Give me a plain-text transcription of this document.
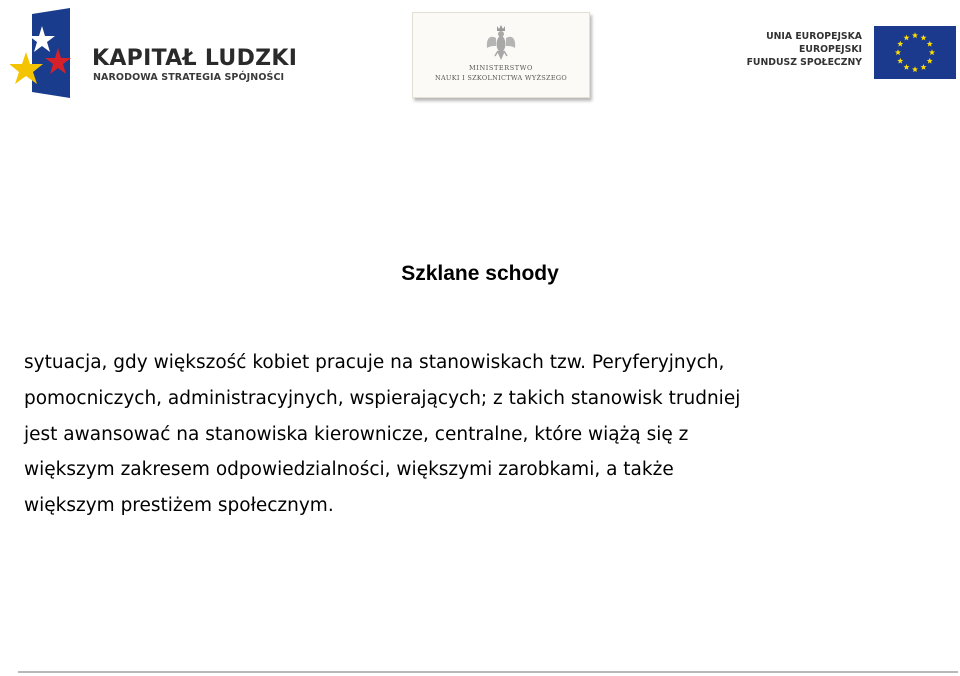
KAPITAŁ LUDZKI
NARODOWA STRATEGIA SPÓJNOŚCI
MINISTERSTWO
NAUKI I SZKOLNICTWA WYŻSZEGO
UNIA EUROPEJSKA
EUROPEJSKI
FUNDUSZ SPOŁECZNY
Szklane schody

sytuacja, gdy większość kobiet pracuje na stanowiskach tzw. Peryferyjnych,
pomocniczych, administracyjnych, wspierających; z takich stanowisk trudniej
jest awansować na stanowiska kierownicze, centralne, które wiążą się z
większym zakresem odpowiedzialności, większymi zarobkami, a także
większym prestiżem społecznym.
